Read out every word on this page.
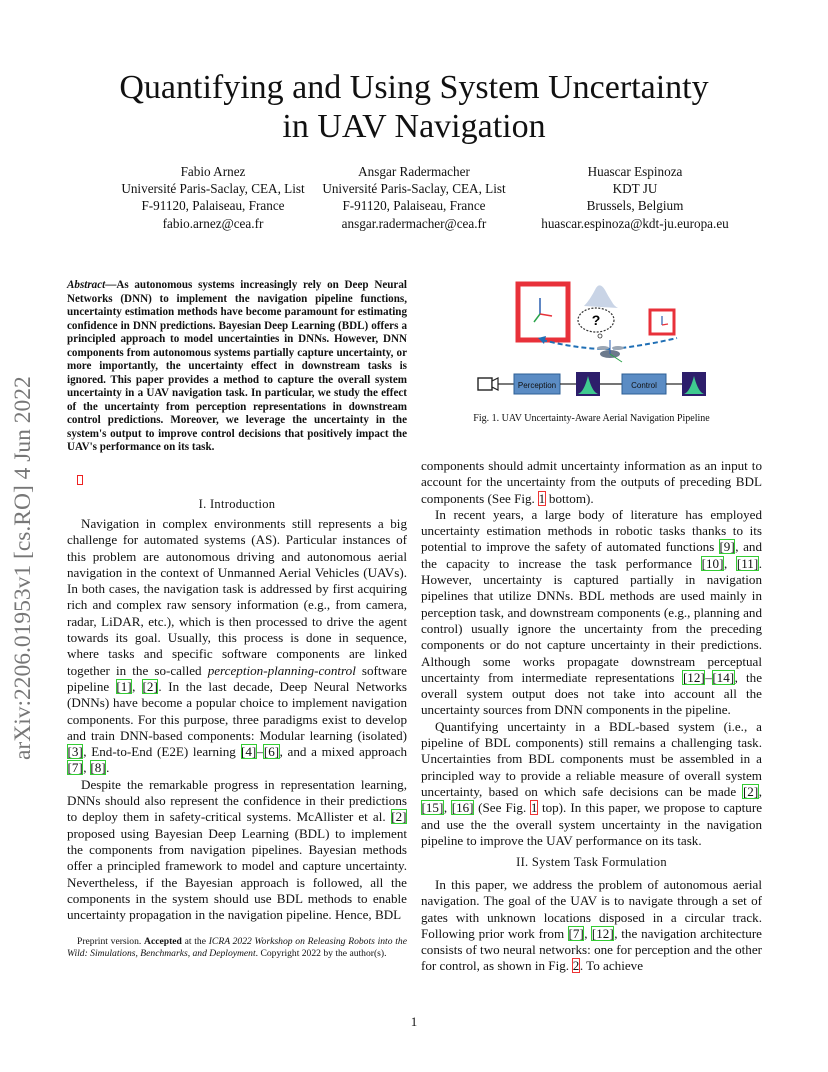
Quantifying and Using System Uncertainty
in UAV Navigation
Fabio Arnez
Université Paris-Saclay, CEA, List
F-91120, Palaiseau, France
fabio.arnez@cea.fr
Ansgar Radermacher
Université Paris-Saclay, CEA, List
F-91120, Palaiseau, France
ansgar.radermacher@cea.fr
Huascar Espinoza
KDT JU
Brussels, Belgium
huascar.espinoza@kdt-ju.europa.eu
arXiv:2206.01953v1 [cs.RO] 4 Jun 2022
Abstract—As autonomous systems increasingly rely on Deep Neural Networks (DNN) to implement the navigation pipeline functions, uncertainty estimation methods have become paramount for estimating confidence in DNN predictions. Bayesian Deep Learning (BDL) offers a principled approach to model uncertainties in DNNs. However, DNN components from autonomous systems partially capture uncertainty, or more importantly, the uncertainty effect in downstream tasks is ignored. This paper provides a method to capture the overall system uncertainty in a UAV navigation task. In particular, we study the effect of the uncertainty from perception representations in downstream control predictions. Moreover, we leverage the uncertainty in the system's output to improve control decisions that positively impact the UAV's performance on its task.
I. Introduction

Navigation in complex environments still represents a big challenge for automated systems (AS). Particular instances of this problem are autonomous driving and autonomous aerial navigation in the context of Unmanned Aerial Vehicles (UAVs). In both cases, the navigation task is addressed by first acquiring rich and complex raw sensory information (e.g., from camera, radar, LiDAR, etc.), which is then processed to drive the agent towards its goal. Usually, this process is done in sequence, where tasks and specific software components are linked together in the so-called perception-planning-control software pipeline [1], [2]. In the last decade, Deep Neural Networks (DNNs) have become a popular choice to implement navigation components. For this purpose, three paradigms exist to develop and train DNN-based components: Modular learning (isolated) [3], End-to-End (E2E) learning [4]–[6], and a mixed approach [7], [8].

Despite the remarkable progress in representation learning, DNNs should also represent the confidence in their predictions to deploy them in safety-critical systems. McAllister et al. [2] proposed using Bayesian Deep Learning (BDL) to implement the components from navigation pipelines. Bayesian methods offer a principled framework to model and capture uncertainty. Nevertheless, if the Bayesian approach is followed, all the components in the system should use BDL methods to enable uncertainty propagation in the navigation pipeline. Hence, BDL

Preprint version. Accepted at the ICRA 2022 Workshop on Releasing Robots into the Wild: Simulations, Benchmarks, and Deployment. Copyright 2022 by the author(s).
?
Perception	Control
Fig. 1. UAV Uncertainty-Aware Aerial Navigation Pipeline

components should admit uncertainty information as an input to account for the uncertainty from the outputs of preceding BDL components (See Fig. 1 bottom).

In recent years, a large body of literature has employed uncertainty estimation methods in robotic tasks thanks to its potential to improve the safety of automated functions [9], and the capacity to increase the task performance [10], [11]. However, uncertainty is captured partially in navigation pipelines that utilize DNNs. BDL methods are used mainly in perception task, and downstream components (e.g., planning and control) usually ignore the uncertainty from the preceding components or do not capture uncertainty in their predictions. Although some works propagate downstream perceptual uncertainty from intermediate representations [12]–[14], the overall system output does not take into account all the uncertainty sources from DNN components in the pipeline.

Quantifying uncertainty in a BDL-based system (i.e., a pipeline of BDL components) still remains a challenging task. Uncertainties from BDL components must be assembled in a principled way to provide a reliable measure of overall system uncertainty, based on which safe decisions can be made [2], [15], [16] (See Fig. 1 top). In this paper, we propose to capture and use the the overall system uncertainty in the navigation pipeline to improve the UAV performance on its task.

II. System Task Formulation

In this paper, we address the problem of autonomous aerial navigation. The goal of the UAV is to navigate through a set of gates with unknown locations disposed in a circular track. Following prior work from [7], [12], the navigation architecture consists of two neural networks: one for perception and the other for control, as shown in Fig. 2. To achieve

1
